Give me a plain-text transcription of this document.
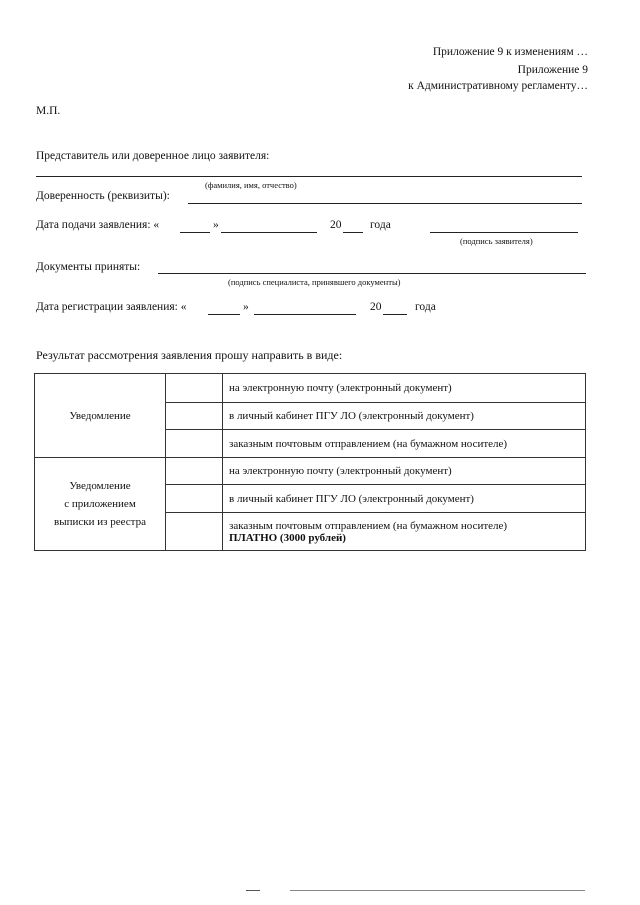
Приложение 9 к изменениям …
Приложение 9
к Административному регламенту…
М.П.
Представитель или доверенное лицо заявителя:
(фамилия, имя, отчество)
Доверенность (реквизиты):
Дата подачи заявления: «	»	20 года
(подпись заявителя)
Документы приняты:
(подпись специалиста, принявшего документы)
Дата регистрации заявления: «	»	20	года
Результат рассмотрения заявления прошу направить в виде:
Уведомление		на электронную почту (электронный документ)
		в личный кабинет ПГУ ЛО (электронный документ)
		заказным почтовым отправлением (на бумажном носителе)

Уведомление
с приложением
выписки из реестра		на электронную почту (электронный документ)
		в личный кабинет ПГУ ЛО (электронный документ)

		заказным почтовым отправлением (на бумажном носителе)
ПЛАТНО (3000 рублей)
